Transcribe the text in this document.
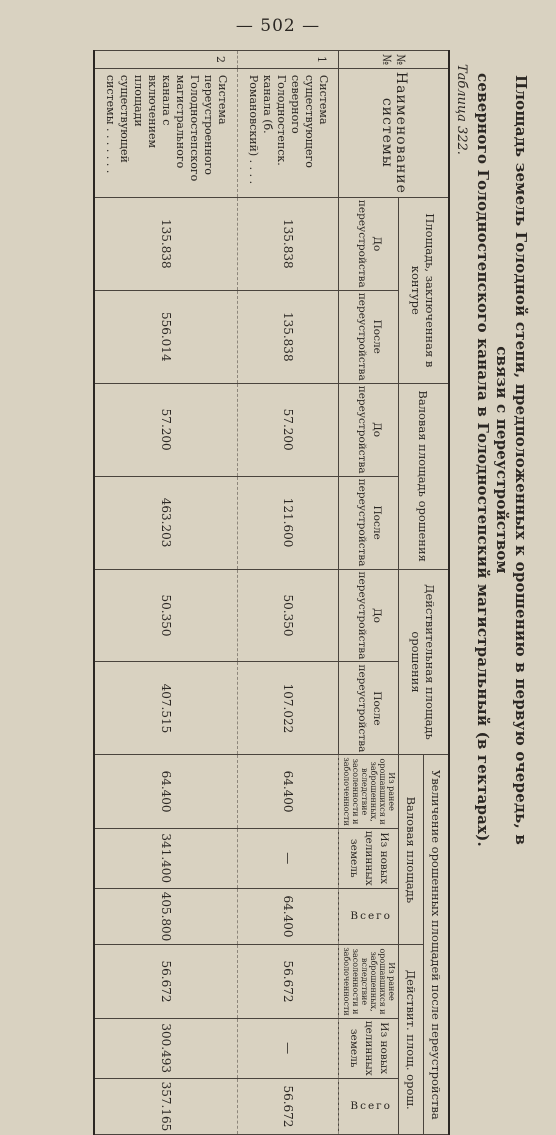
— 502 —

Площадь земель Голодной степи, предположенных к орошению в первую очередь, в связи с переустройством
северного Голодностепского канала в Голодностепский магистральный (в гектарах).

Таблица 322.
№ №	Наименование системы	Площадь, заключенная в контуре		Валовая площадь орошения		Действительная площадь орошения		Увеличение орошенных площадей после переустройства					
								Валовая площадь			Действит. площ. орош.		
		До переустройства	После переустройства	До переустройства	После переустройства	До переустройства	После переустройства	Из ранее орошавшихся и заброшенных, вследствие засоленности и заболоченности	Из новых целинных земель	Всего	Из ранее орошавшихся и заброшенных, вследствие засоленности и заболоченности	Из новых целинных земель	Всего

1	Система существующего северного Голодностепск. канала (б. Романовский) . . . .	135.838	135.838	57.200	121.600	50.350	107.022	64.400	—	64.400	56.672	—	56.672
2	Система переустроенного Голодностепского магистрального канала с включением площади существующей системы . . . . . . .	135.838	556.014	57.200	463.203	50.350	407.515	64.400	341.400	405.800	56.672	300.493	357.165
